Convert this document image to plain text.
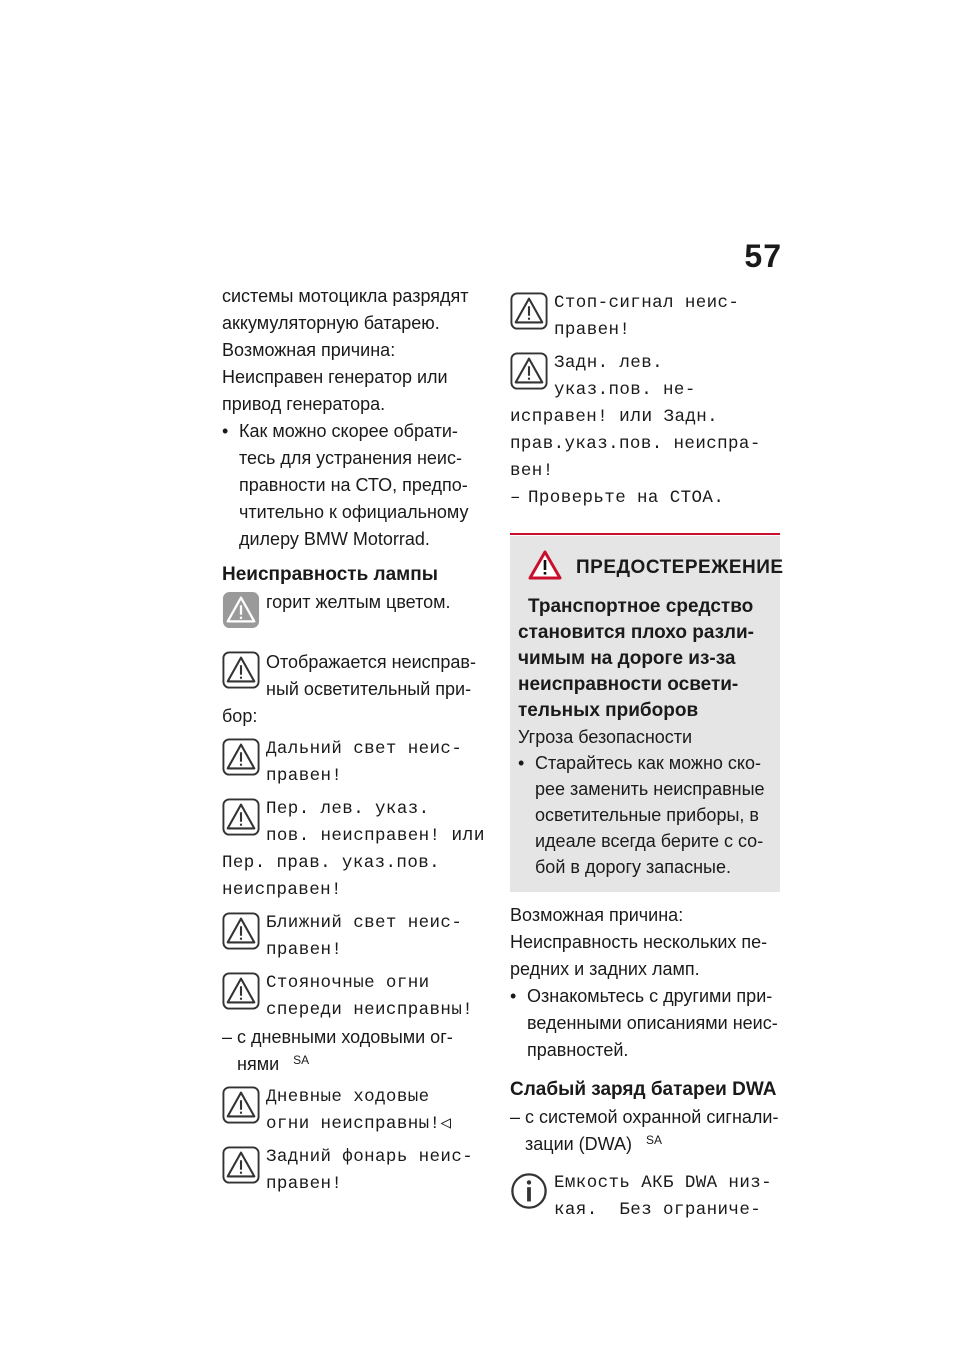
57
системы мотоцикла разрядят
аккумуляторную батарею.
Возможная причина:
Неисправен генератор или
привод генератора.
• Как можно скорее обрати-
тесь для устранения неис-
правности на СТО, предпо-
чтительно к официальному
дилеру BMW Motorrad.
Неисправность лампы
горит желтым цветом.
Отображается неисправ-
ный осветительный при-
бор:
Дальний свет неис-
правен!
Пер. лев. указ.
пов. неисправен! или
Пер. прав. указ.пов.
неисправен!
Ближний свет неис-
правен!
Стояночные огни
спереди неисправны!
– с дневными ходовыми ог-
нями $^{SA}$
Дневные ходовые
огни неисправны!◁
Задний фонарь неис-
правен!
Стоп-сигнал неис-
правен!
Задн. лев.
указ.пов. не-
исправен! или Задн.
прав.указ.пов. неиспра-
вен!
– Проверьте на СТОА.
ПРЕДОСТЕРЕЖЕНИЕ
Транспортное средство
становится плохо разли-
чимым на дороге из-за
неисправности освети-
тельных приборов
Угроза безопасности
• Старайтесь как можно ско-
рее заменить неисправные
осветительные приборы, в
идеале всегда берите с со-
бой в дорогу запасные.
Возможная причина:
Неисправность нескольких пе-
редних и задних ламп.
• Ознакомьтесь с другими при-
веденными описаниями неис-
правностей.
Слабый заряд батареи DWA
– с системой охранной сигнали-
зации (DWA) $^{SA}$
Емкость АКБ DWA низ-
кая.  Без ограниче-
